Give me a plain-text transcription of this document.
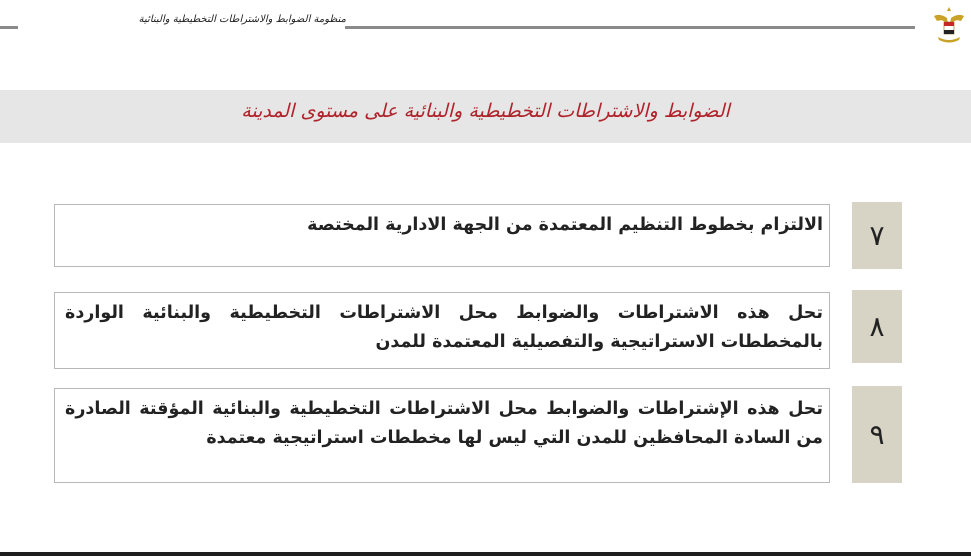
منظومة الضوابط والاشتراطات التخطيطية والبنائية
الضوابط والاشتراطات التخطيطية والبنائية على مستوى المدينة
٧
الالتزام بخطوط التنظيم المعتمدة من الجهة الادارية المختصة
٨
تحل هذه الاشتراطات والضوابط محل الاشتراطات التخطيطية والبنائية الواردة بالمخططات الاستراتيجية والتفصيلية المعتمدة للمدن
٩
تحل هذه الإشتراطات والضوابط محل الاشتراطات التخطيطية والبنائية المؤقتة الصادرة من السادة المحافظين للمدن التي ليس لها مخططات استراتيجية معتمدة
